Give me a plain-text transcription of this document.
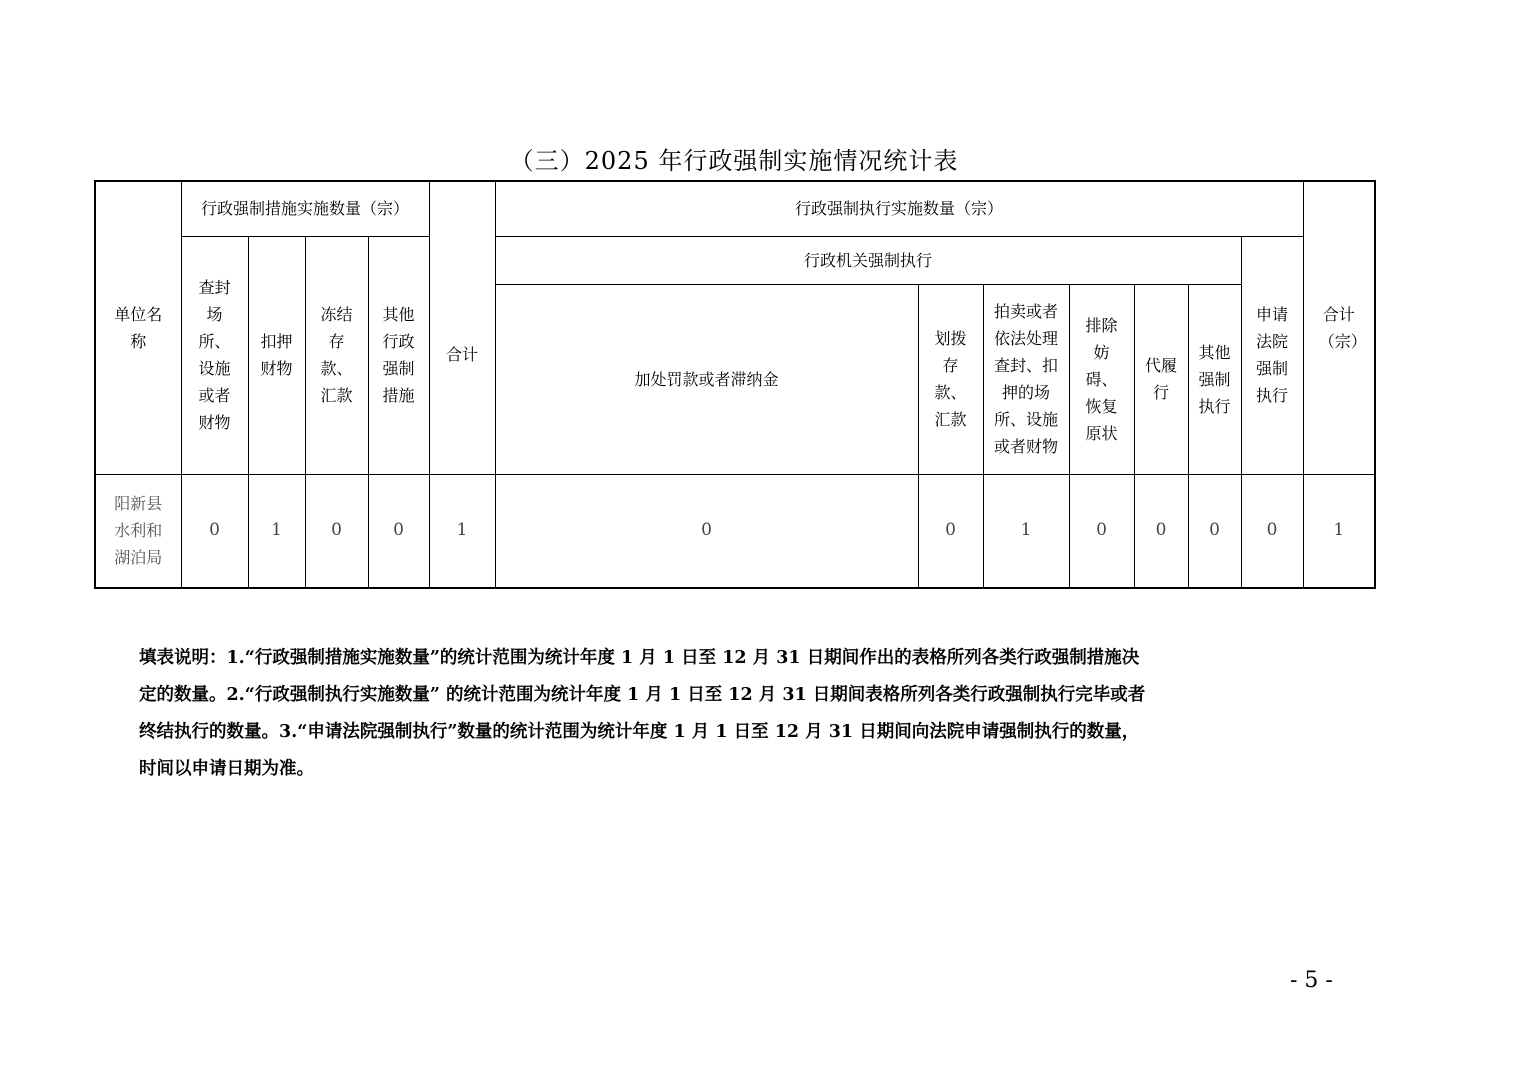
（三）2025 年行政强制实施情况统计表
单位名称	行政强制措施实施数量（宗）					行政强制执行实施数量（宗）							合计（宗）

	查封场所、设施或者财物	扣押财物	冻结存款、汇款	其他行政强制措施	合计	行政机关强制执行						申请法院强制执行	

						加处罚款或者滞纳金	划拨存款、汇款	拍卖或者依法处理查封、扣押的场所、设施或者财物	排除妨碍、恢复原状	代履行	其他强制执行		

阳新县水利和湖泊局	0	1	0	0	1	0	0	1	0	0	0	0	1

填表说明：1.“行政强制措施实施数量”的统计范围为统计年度 1 月 1 日至 12 月 31 日期间作出的表格所列各类行政强制措施决

定的数量。2.“行政强制执行实施数量” 的统计范围为统计年度 1 月 1 日至 12 月 31 日期间表格所列各类行政强制执行完毕或者

终结执行的数量。3.“申请法院强制执行”数量的统计范围为统计年度 1 月 1 日至 12 月 31 日期间向法院申请强制执行的数量，

时间以申请日期为准。

- 5 -
